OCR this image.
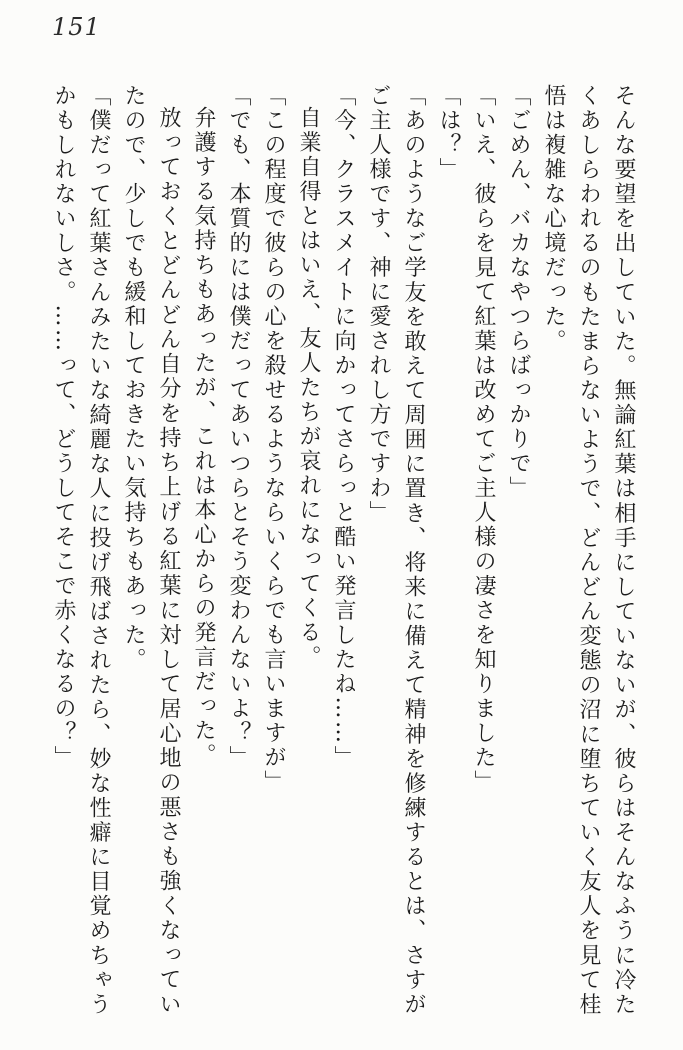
151

そんな要望を出していた。無論紅葉は相手にしていないが、彼らはそんなふうに冷たくあしらわれるのもたまらないようで、どんどん変態の沼に堕ちていく友人を見て桂悟は複雑な心境だった。

「ごめん、バカなやつらばっかりで」

「いえ、彼らを見て紅葉は改めてご主人様の凄さを知りました」

「は？」

「あのようなご学友を敢えて周囲に置き、将来に備えて精神を修練するとは、さすがご主人様です、神に愛されし方ですわ」

「今、クラスメイトに向かってさらっと酷い発言したね……」

自業自得とはいえ、友人たちが哀れになってくる。

「この程度で彼らの心を殺せるようならいくらでも言いますが」

「でも、本質的には僕だってあいつらとそう変わんないよ？」

弁護する気持ちもあったが、これは本心からの発言だった。

放っておくとどんどん自分を持ち上げる紅葉に対して居心地の悪さも強くなっていたので、少しでも緩和しておきたい気持ちもあった。

「僕だって紅葉さんみたいな綺麗な人に投げ飛ばされたら、妙な性癖に目覚めちゃうかもしれないしさ。……って、どうしてそこで赤くなるの？」
